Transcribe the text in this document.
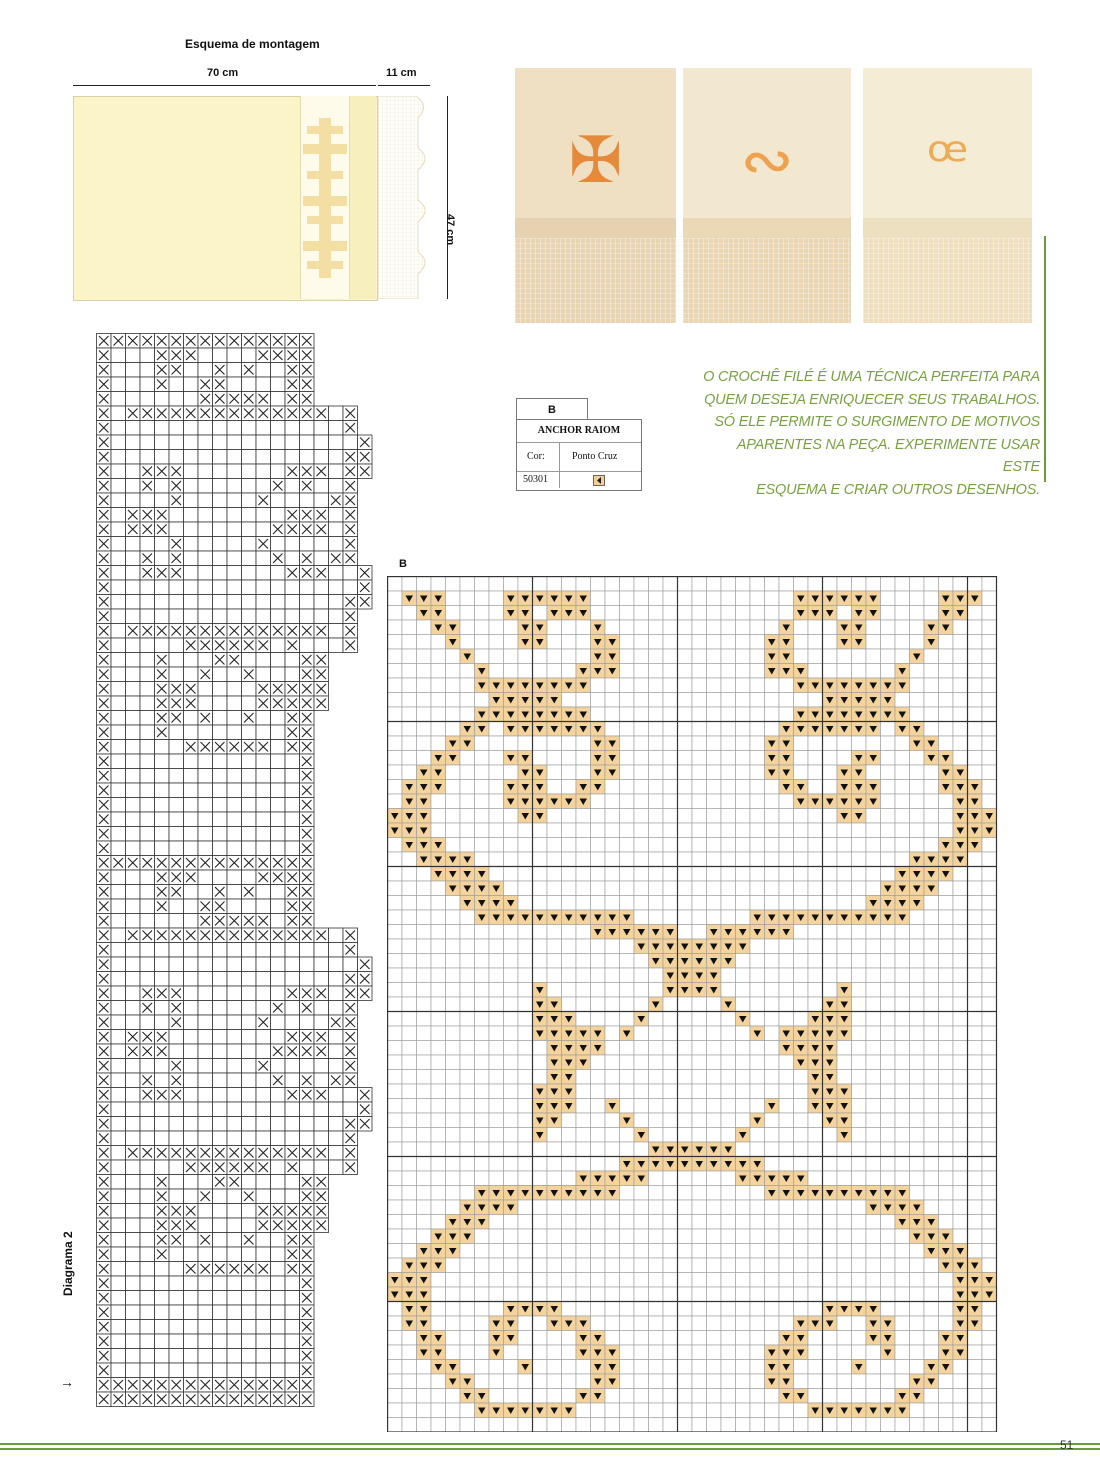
Esquema de montagem
70 cm	11 cm
47 cm
✠	∾	ꟹ
O CROCHÊ FILÉ É UMA TÉCNICA PERFEITA PARA
QUEM DESEJA ENRIQUECER SEUS TRABALHOS.
SÓ ELE PERMITE O SURGIMENTO DE MOTIVOS
APARENTES NA PEÇA. EXPERIMENTE USAR ESTE
ESQUEMA E CRIAR OUTROS DESENHOS.
B
ANCHOR RAIOM
Cor:	Ponto Cruz
50301
Diagrama 2
→
B
51
